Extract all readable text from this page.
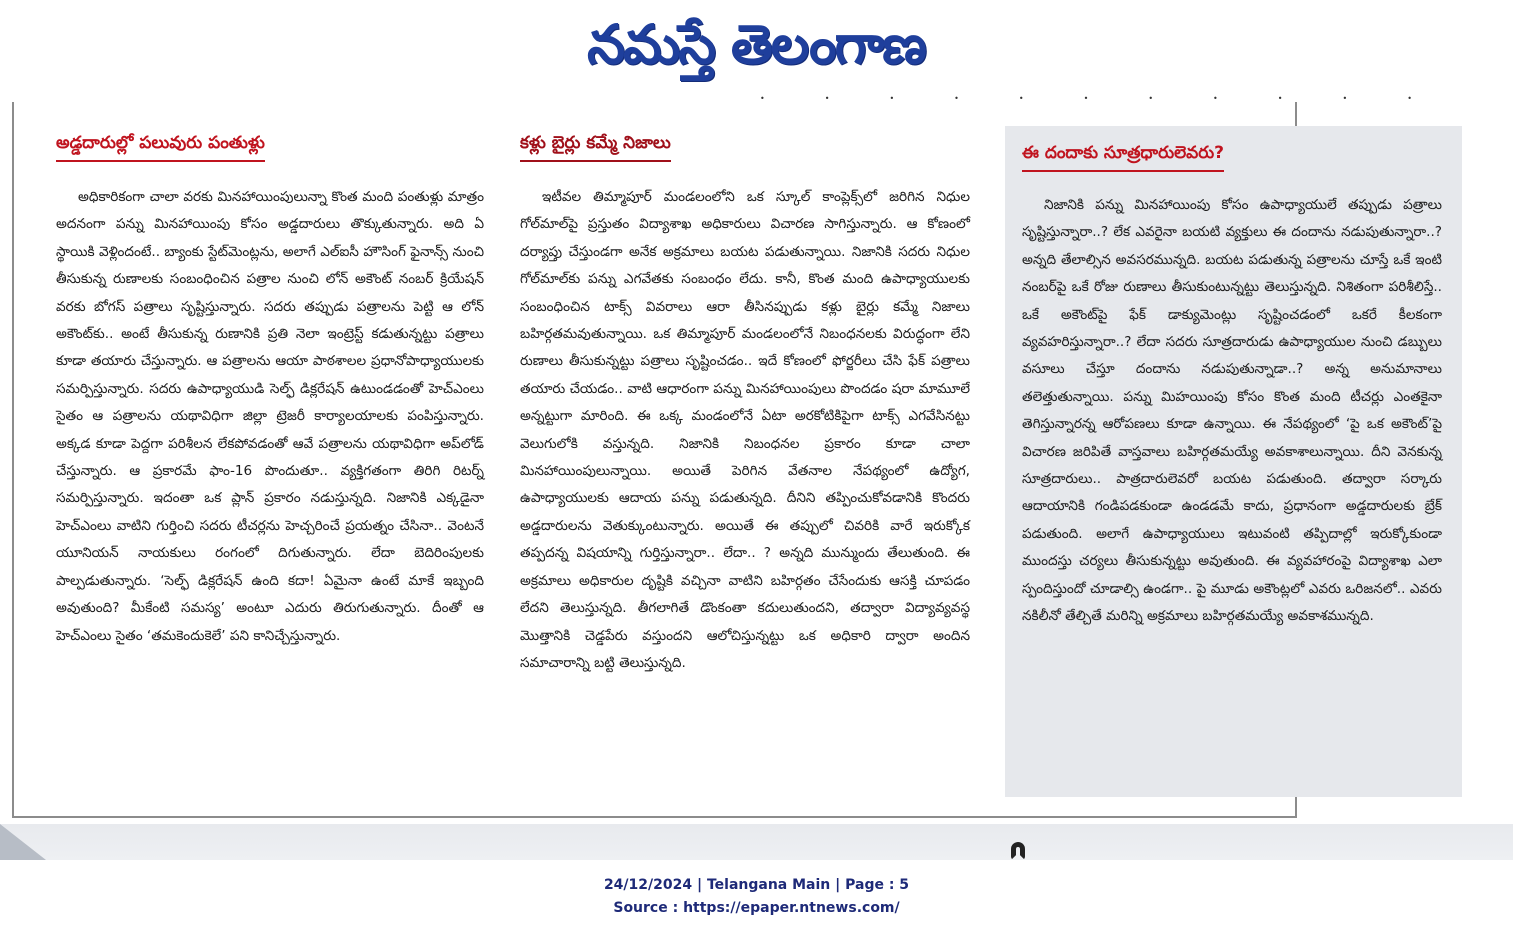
నమస్తే తెలంగాణ
•••••••••••
అడ్డదారుల్లో పలువురు పంతుళ్లు
అధికారికంగా చాలా వరకు మినహాయింపులున్నా కొంత మంది పంతుళ్లు మాత్రం అదనంగా పన్ను మినహాయింపు కోసం అడ్డదారులు తొక్కుతున్నారు. అది ఏ స్థాయికి వెళ్లిందంటే.. బ్యాంకు స్టేట్‌మెంట్లను, అలాగే ఎల్‌ఐసీ హౌసింగ్ ఫైనాన్స్ నుంచి తీసుకున్న రుణాలకు సంబంధించిన పత్రాల నుంచి లోన్ అకౌంట్ నంబర్ క్రియేషన్ వరకు బోగస్ పత్రాలు సృష్టిస్తున్నారు. సదరు తప్పుడు పత్రాలను పెట్టి ఆ లోన్ అకౌంట్‌కు.. అంటే తీసుకున్న రుణానికి ప్రతి నెలా ఇంట్రెస్ట్ కడుతున్నట్టు పత్రాలు కూడా తయారు చేస్తున్నారు. ఆ పత్రాలను ఆయా పాఠశాలల ప్రధానోపాధ్యాయులకు సమర్పిస్తున్నారు. సదరు ఉపాధ్యాయుడి సెల్ఫ్ డిక్లరేషన్ ఉటుండడంతో హెచ్‌ఎంలు సైతం ఆ పత్రాలను యథావిధిగా జిల్లా ట్రెజరీ కార్యాలయాలకు పంపిస్తున్నారు. అక్కడ కూడా పెద్దగా పరిశీలన లేకపోవడంతో ఆవే పత్రాలను యథావిధిగా అప్‌లోడ్ చేస్తున్నారు. ఆ ప్రకారమే ఫాం-16 పొందుతూ.. వ్యక్తిగతంగా తిరిగి రిటర్న్ సమర్పిస్తున్నారు. ఇదంతా ఒక ప్లాన్ ప్రకారం నడుస్తున్నది. నిజానికి ఎక్కడైనా హెచ్‌ఎంలు వాటిని గుర్తించి సదరు టీచర్లను హెచ్చరించే ప్రయత్నం చేసినా.. వెంటనే యూనియన్ నాయకులు రంగంలో దిగుతున్నారు. లేదా బెదిరింపులకు పాల్పడుతున్నారు. ‘సెల్ఫ్ డిక్లరేషన్ ఉంది కదా! ఏమైనా ఉంటే మాకే ఇబ్బంది అవుతుంది? మీకేంటి సమస్య’ అంటూ ఎదురు తిరుగుతున్నారు. దీంతో ఆ హెచ్‌ఎంలు సైతం ‘తమకెందుకెలే’ పని కానిచ్చేస్తున్నారు.
కళ్లు బైర్లు కమ్మే నిజాలు
ఇటీవల తిమ్మాపూర్ మండలంలోని ఒక స్కూల్ కాంప్లెక్స్‌లో జరిగిన నిధుల గోల్‌మాల్‌పై ప్రస్తుతం విద్యాశాఖ అధికారులు విచారణ సాగిస్తున్నారు. ఆ కోణంలో దర్యాప్తు చేస్తుండగా అనేక అక్రమాలు బయట పడుతున్నాయి. నిజానికి సదరు నిధుల గోల్‌మాల్‌కు పన్ను ఎగవేతకు సంబంధం లేదు. కానీ, కొంత మంది ఉపాధ్యాయులకు సంబంధించిన టాక్స్ వివరాలు ఆరా తీసినప్పుడు కళ్లు బైర్లు కమ్మే నిజాలు బహిర్గతమవుతున్నాయి. ఒక తిమ్మాపూర్ మండలంలోనే నిబంధనలకు విరుద్ధంగా లేని రుణాలు తీసుకున్నట్టు పత్రాలు సృష్టించడం.. ఇదే కోణంలో ఫోర్జరీలు చేసి ఫేక్ పత్రాలు తయారు చేయడం.. వాటి ఆధారంగా పన్ను మినహాయింపులు పొందడం షరా మామూలే అన్నట్టుగా మారింది. ఈ ఒక్క మండంలోనే ఏటా అరకోటికిపైగా టాక్స్ ఎగవేసినట్టు వెలుగులోకి వస్తున్నది. నిజానికి నిబంధనల ప్రకారం కూడా చాలా మినహాయింపులున్నాయి. అయితే పెరిగిన వేతనాల నేపథ్యంలో ఉద్యోగ, ఉపాధ్యాయులకు ఆదాయ పన్ను పడుతున్నది. దీనిని తప్పించుకోవడానికి కొందరు అడ్డదారులను వెతుక్కుంటున్నారు. అయితే ఈ తప్పులో చివరికి వారే ఇరుక్కోక తప్పదన్న విషయాన్ని గుర్తిస్తున్నారా.. లేదా.. ? అన్నది మున్ముందు తేలుతుంది. ఈ అక్రమాలు అధికారుల దృష్టికి వచ్చినా వాటిని బహిర్గతం చేసేందుకు ఆసక్తి చూపడం లేదని తెలుస్తున్నది. తీగలాగితే డొంకంతా కదులుతుందని, తద్వారా విద్యావ్యవస్థ మొత్తానికి చెడ్డపేరు వస్తుందని ఆలోచిస్తున్నట్టు ఒక అధికారి ద్వారా అందిన సమాచారాన్ని బట్టి తెలుస్తున్నది.
ఈ దందాకు సూత్రధారులెవరు?
నిజానికి పన్ను మినహాయింపు కోసం ఉపాధ్యాయులే తప్పుడు పత్రాలు సృష్టిస్తున్నారా..? లేక ఎవరైనా బయటి వ్యక్తులు ఈ దందాను నడుపుతున్నారా..? అన్నది తేలాల్సిన అవసరమున్నది. బయట పడుతున్న పత్రాలను చూస్తే ఒకే ఇంటి నంబర్‌పై ఒకే రోజు రుణాలు తీసుకుంటున్నట్టు తెలుస్తున్నది. నిశితంగా పరిశీలిస్తే.. ఒకే అకౌంట్‌పై ఫేక్ డాక్యుమెంట్లు సృష్టించడంలో ఒకరే కీలకంగా వ్యవహరిస్తున్నారా..? లేదా సదరు సూత్రదారుడు ఉపాధ్యాయుల నుంచి డబ్బులు వసూలు చేస్తూ దందాను నడుపుతున్నాడా..? అన్న అనుమానాలు తలెత్తుతున్నాయి. పన్ను మిహయింపు కోసం కొంత మంది టీచర్లు ఎంతకైనా తెగిస్తున్నారన్న ఆరోపణలు కూడా ఉన్నాయి. ఈ నేపథ్యంలో ‘పై ఒక అకౌంట్’పై విచారణ జరిపితే వాస్తవాలు బహిర్గతమయ్యే అవకాశాలున్నాయి. దీని వెనకున్న సూత్రదారులు.. పాత్రదారులెవరో బయట పడుతుంది. తద్వారా సర్కారు ఆదాయానికి గండిపడకుండా ఉండడమే కాదు, ప్రధానంగా అడ్డదారులకు బ్రేక్ పడుతుంది. అలాగే ఉపాధ్యాయులు ఇటువంటి తప్పిదాల్లో ఇరుక్కోకుండా ముందస్తు చర్యలు తీసుకున్నట్టు అవుతుంది. ఈ వ్యవహారంపై విద్యాశాఖ ఎలా స్పందిస్తుందో చూడాల్సి ఉండగా.. పై మూడు అకౌంట్లలో ఎవరు ఒరిజనలో.. ఎవరు నకిలీనో తేల్చితే మరిన్ని అక్రమాలు బహిర్గతమయ్యే అవకాశమున్నది.
24/12/2024 | Telangana Main | Page : 5
Source : https://epaper.ntnews.com/
